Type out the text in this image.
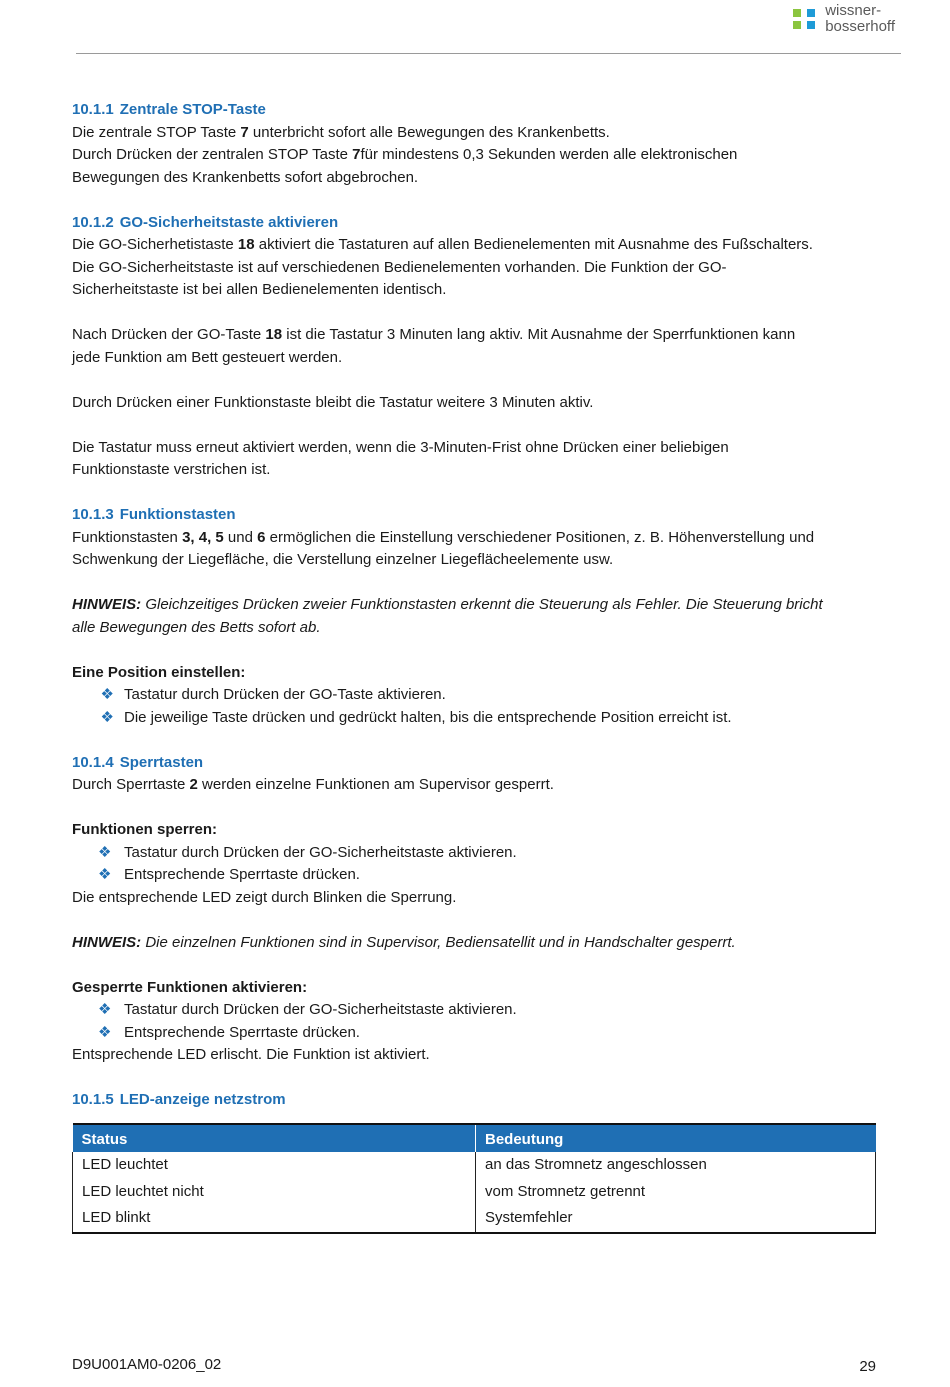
wissner-
bosserhoff
10.1.1 Zentrale STOP-Taste

Die zentrale STOP Taste 7 unterbricht sofort alle Bewegungen des Krankenbetts.

Durch Drücken der zentralen STOP Taste 7für mindestens 0,3 Sekunden werden alle elektronischen

Bewegungen des Krankenbetts sofort abgebrochen.

10.1.2 GO-Sicherheitstaste aktivieren

Die GO-Sicherhetistaste 18 aktiviert die Tastaturen auf allen Bedienelementen mit Ausnahme des Fußschalters.

Die GO-Sicherheitstaste ist auf verschiedenen Bedienelementen vorhanden. Die Funktion der GO-

Sicherheitstaste ist bei allen Bedienelementen identisch.

Nach Drücken der GO-Taste 18 ist die Tastatur 3 Minuten lang aktiv. Mit Ausnahme der Sperrfunktionen kann

jede Funktion am Bett gesteuert werden.

Durch Drücken einer Funktionstaste bleibt die Tastatur weitere 3 Minuten aktiv.

Die Tastatur muss erneut aktiviert werden, wenn die 3-Minuten-Frist ohne Drücken einer beliebigen

Funktionstaste verstrichen ist.

10.1.3 Funktionstasten

Funktionstasten 3, 4, 5 und 6 ermöglichen die Einstellung verschiedener Positionen, z. B. Höhenverstellung und

Schwenkung der Liegefläche, die Verstellung einzelner Liegeflächeelemente usw.

HINWEIS: Gleichzeitiges Drücken zweier Funktionstasten erkennt die Steuerung als Fehler. Die Steuerung bricht

alle Bewegungen des Betts sofort ab.

Eine Position einstellen:

❖ Tastatur durch Drücken der GO-Taste aktivieren.
❖ Die jeweilige Taste drücken und gedrückt halten, bis die entsprechende Position erreicht ist.
10.1.4 Sperrtasten

Durch Sperrtaste 2 werden einzelne Funktionen am Supervisor gesperrt.

Funktionen sperren:

❖ Tastatur durch Drücken der GO-Sicherheitstaste aktivieren.
❖ Entsprechende Sperrtaste drücken.

Die entsprechende LED zeigt durch Blinken die Sperrung.

HINWEIS: Die einzelnen Funktionen sind in Supervisor, Bediensatellit und in Handschalter gesperrt.

Gesperrte Funktionen aktivieren:

❖ Tastatur durch Drücken der GO-Sicherheitstaste aktivieren.
❖ Entsprechende Sperrtaste drücken.

Entsprechende LED erlischt. Die Funktion ist aktiviert.

10.1.5 LED-anzeige netzstrom
Status	Bedeutung
LED leuchtet	an das Stromnetz angeschlossen
LED leuchtet nicht	vom Stromnetz getrennt
LED blinkt	Systemfehler
D9U001AM0-0206_02	29
